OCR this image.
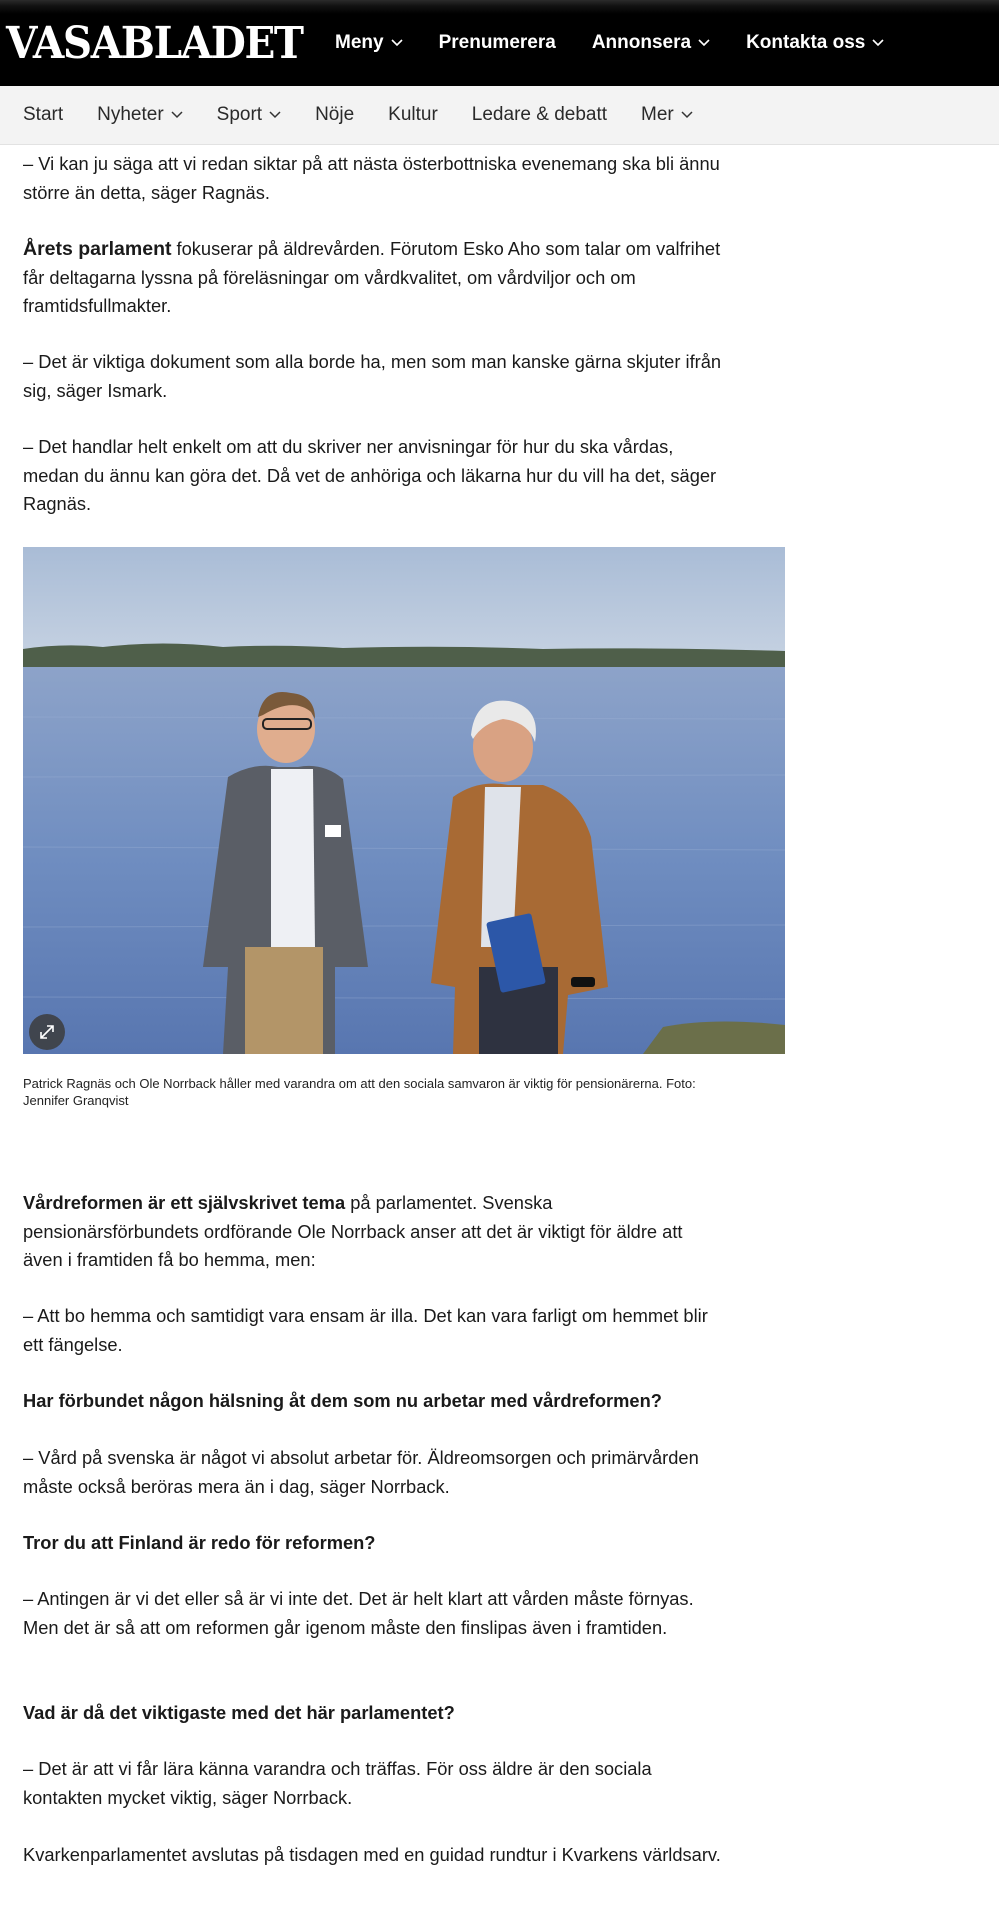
VASABLADET Meny	Prenumerera Annonsera	Kontakta oss
Start Nyheter	Sport	Nöje Kultur Ledare & debatt Mer

– Vi kan ju säga att vi redan siktar på att nästa österbottniska evenemang ska bli ännu större än detta, säger Ragnäs.

Årets parlament fokuserar på äldrevården. Förutom Esko Aho som talar om valfrihet får deltagarna lyssna på föreläsningar om vårdkvalitet, om vårdviljor och om framtidsfullmakter.

– Det är viktiga dokument som alla borde ha, men som man kanske gärna skjuter ifrån sig, säger Ismark.

– Det handlar helt enkelt om att du skriver ner anvisningar för hur du ska vårdas, medan du ännu kan göra det. Då vet de anhöriga och läkarna hur du vill ha det, säger Ragnäs.

Patrick Ragnäs och Ole Norrback håller med varandra om att den sociala samvaron är viktig för pensionärerna. Foto: Jennifer Granqvist

Vårdreformen är ett självskrivet tema på parlamentet. Svenska pensionärsförbundets ordförande Ole Norrback anser att det är viktigt för äldre att även i framtiden få bo hemma, men:

– Att bo hemma och samtidigt vara ensam är illa. Det kan vara farligt om hemmet blir ett fängelse.

Har förbundet någon hälsning åt dem som nu arbetar med vårdreformen?

– Vård på svenska är något vi absolut arbetar för. Äldreomsorgen och primärvården måste också beröras mera än i dag, säger Norrback.

Tror du att Finland är redo för reformen?

– Antingen är vi det eller så är vi inte det. Det är helt klart att vården måste förnyas. Men det är så att om reformen går igenom måste den finslipas även i framtiden.

Vad är då det viktigaste med det här parlamentet?

– Det är att vi får lära känna varandra och träffas. För oss äldre är den sociala kontakten mycket viktig, säger Norrback.

Kvarkenparlamentet avslutas på tisdagen med en guidad rundtur i Kvarkens världsarv.
